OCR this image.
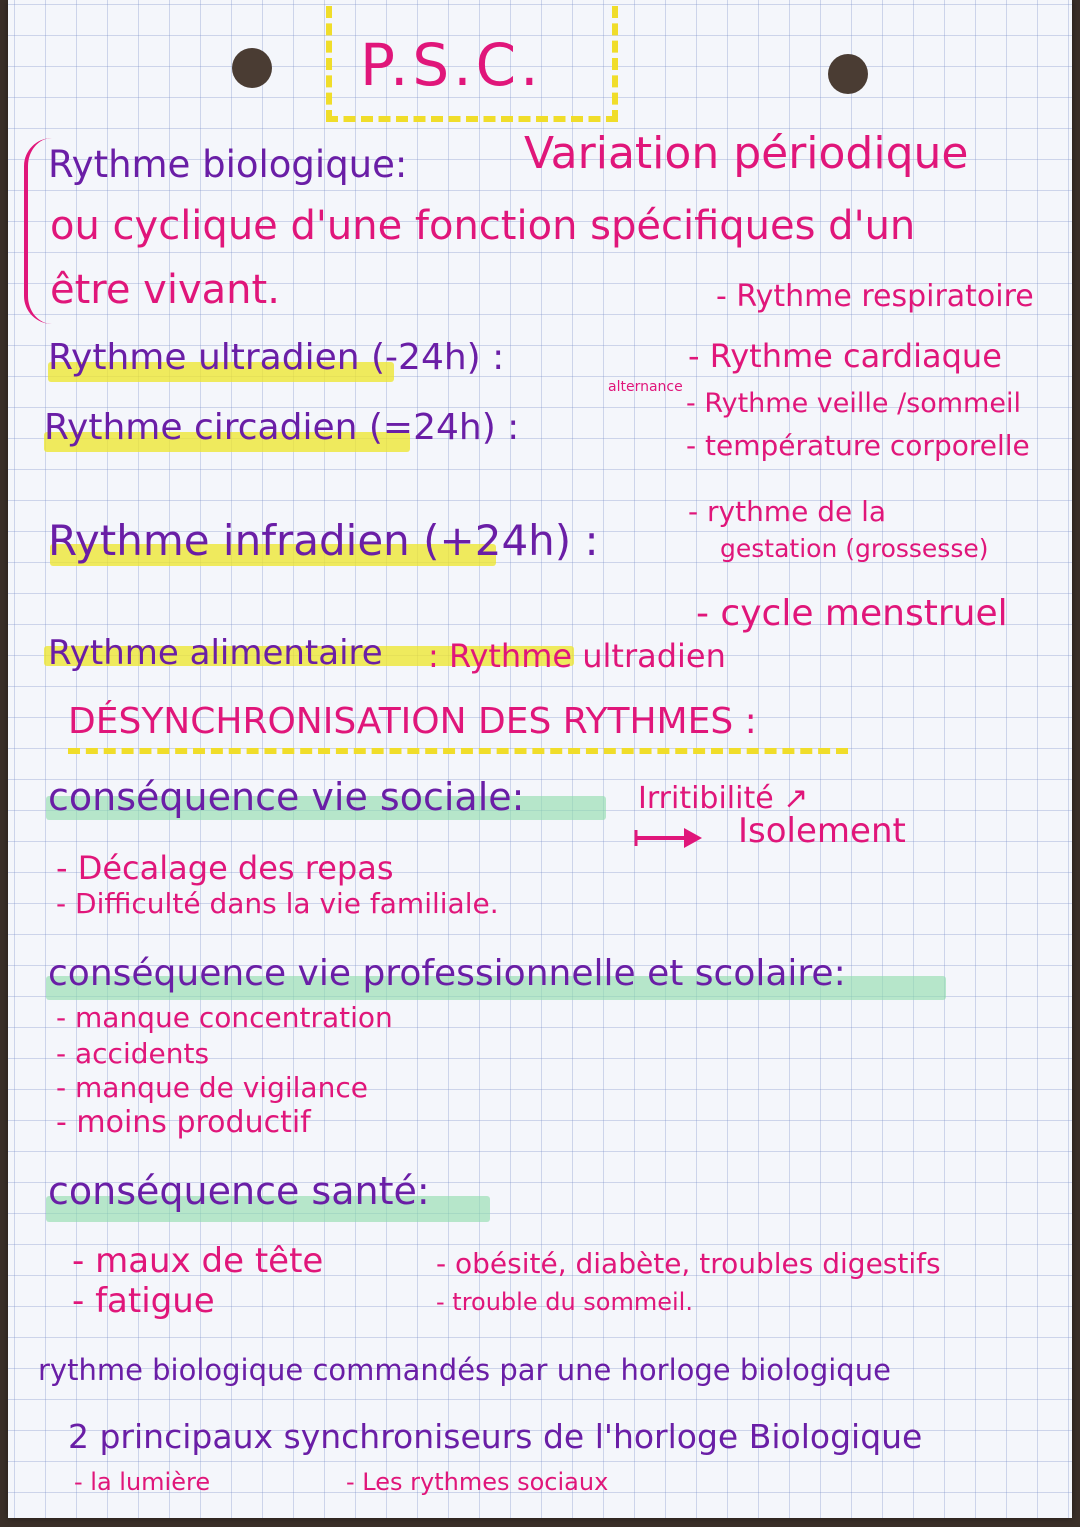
P.S.C.
Rythme biologique:	Variation périodique
ou cyclique d'une fonction spécifiques d'un
être vivant.
Rythme ultradien (-24h) :
Rythme circadien (=24h) :
alternance
- Rythme respiratoire
- Rythme cardiaque
- Rythme veille /sommeil
- température corporelle
Rythme infradien (+24h) :
- rythme de la
gestation (grossesse)
- cycle menstruel
Rythme alimentaire : Rythme ultradien
DÉSYNCHRONISATION DES RYTHMES :
conséquence vie sociale:	Irritibilité ↗
Isolement
- Décalage des repas
- Difficulté dans la vie familiale.
conséquence vie professionnelle et scolaire:
- manque concentration
- accidents
- manque de vigilance
- moins productif
conséquence santé:
- maux de tête
- fatigue
- obésité, diabète, troubles digestifs
- trouble du sommeil.
rythme biologique commandés par une horloge biologique
2 principaux synchroniseurs de l'horloge Biologique
- la lumière	- Les rythmes sociaux
